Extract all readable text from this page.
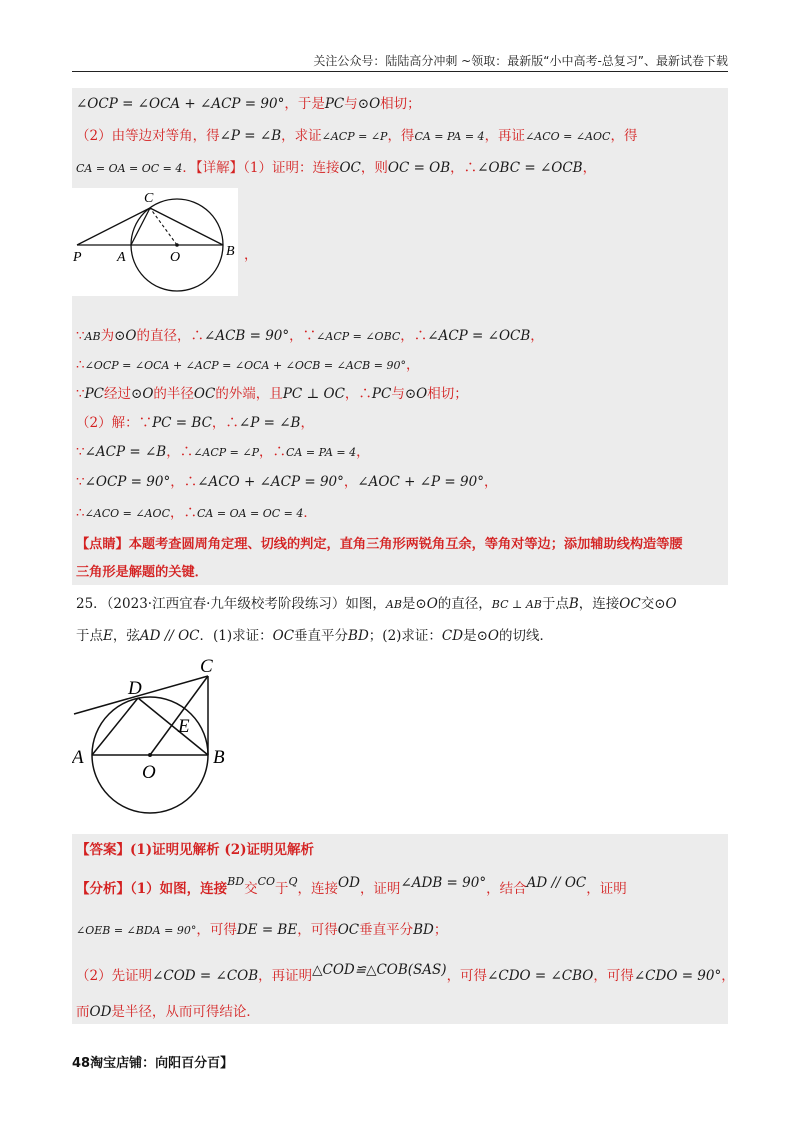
关注公众号：陆陆高分冲刺 ~领取：最新版“小中高考-总复习”、最新试卷下载
∠OCP = ∠OCA + ∠ACP = 90°，于是PC与⊙O相切；
（2）由等边对等角，得∠P = ∠B，求证∠ACP = ∠P，得CA = PA = 4，再证∠ACO = ∠AOC，得
CA = OA = OC = 4．【详解】（1）证明：连接OC，则OC = OB，∴∠OBC = ∠OCB，
C
P	A	O	B ，
∵AB为⊙O的直径，∴∠ACB = 90°，∵∠ACP = ∠OBC，∴∠ACP = ∠OCB，
∴∠OCP = ∠OCA + ∠ACP = ∠OCA + ∠OCB = ∠ACB = 90°，
∵PC经过⊙O的半径OC的外端，且PC ⊥ OC，∴PC与⊙O相切；
（2）解：∵PC = BC，∴∠P = ∠B，
∵∠ACP = ∠B，∴∠ACP = ∠P，∴CA = PA = 4，
∵∠OCP = 90°，∴∠ACO + ∠ACP = 90°，∠AOC + ∠P = 90°，
∴∠ACO = ∠AOC，∴CA = OA = OC = 4．
【点睛】本题考查圆周角定理、切线的判定，直角三角形两锐角互余，等角对等边；添加辅助线构造等腰
三角形是解题的关键．
25．（2023·江西宜春·九年级校考阶段练习）如图，AB是⊙O的直径，BC ⊥ AB于点B，连接OC交⊙O
于点E，弦AD // OC．(1)求证：OC垂直平分BD；(2)求证：CD是⊙O的切线．
C
D
E
A
O
B
【答案】(1)证明见解析 (2)证明见解析
【分析】（1）如图，连接$^{BD}$交$^{CO}$于$^Q$，连接OD，证明∠ADB = 90°，结合AD // OC，证明
∠OEB = ∠BDA = 90°，可得DE = BE，可得OC垂直平分BD；
（2）先证明∠COD = ∠COB，再证明△COD≌△COB(SAS)，可得∠CDO = ∠CBO，可得∠CDO = 90°，
而OD是半径，从而可得结论．
48淘宝店铺：向阳百分百】
